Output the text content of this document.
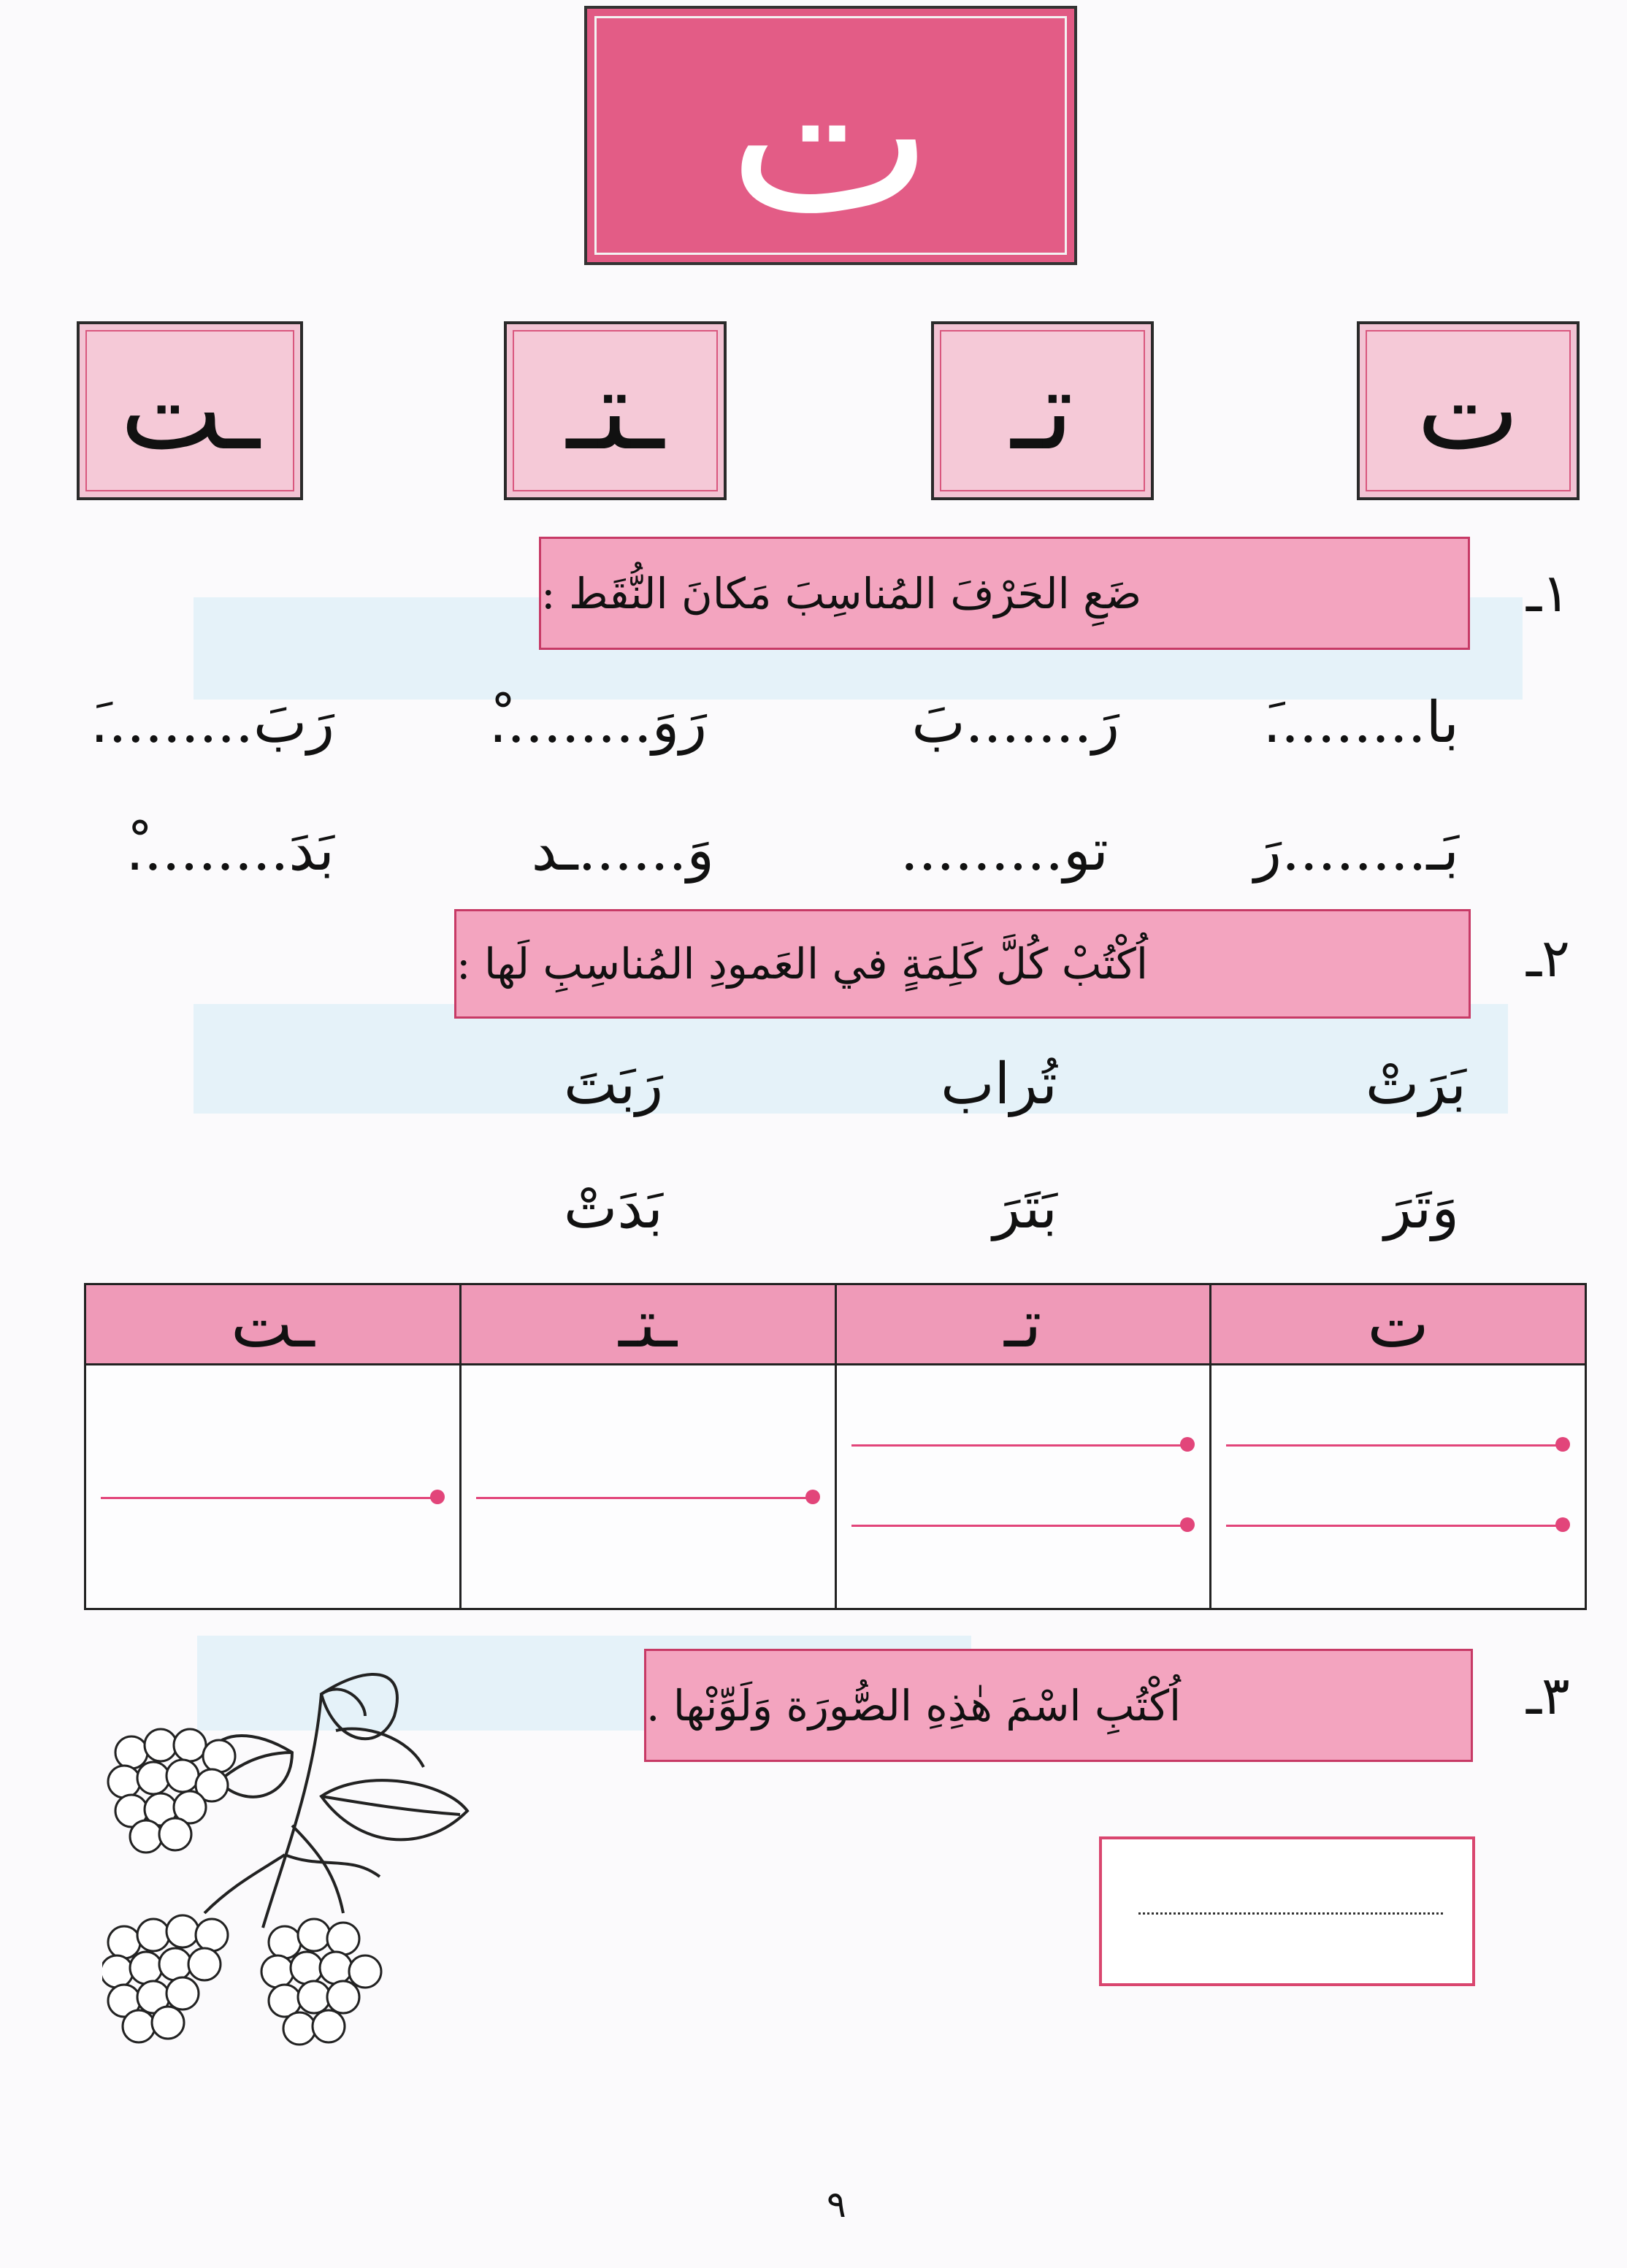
ت
ت
تـ
ـتـ
ـت
١ـ
ضَعِ الحَرْفَ المُناسِبَ مَكانَ النُّقَط :
با.........َ
رَ.......بَ
رَوَ.........ْ
رَبَ.........َ
بَـ........رَ
تو.........
وَ......ـد
بَدَ.........ْ
٢ـ
اُكْتُبْ كُلَّ كَلِمَةٍ في العَمودِ المُناسِبِ لَها :
بَرَتْ
تُراب
رَبَتَ
وَتَرَ
بَتَرَ
بَدَتْ
ـت	ـتـ	تـ	ت

٣ـ
اُكْتُبِ اسْمَ هٰذِهِ الصُّورَة وَلَوِّنْها .
٩
